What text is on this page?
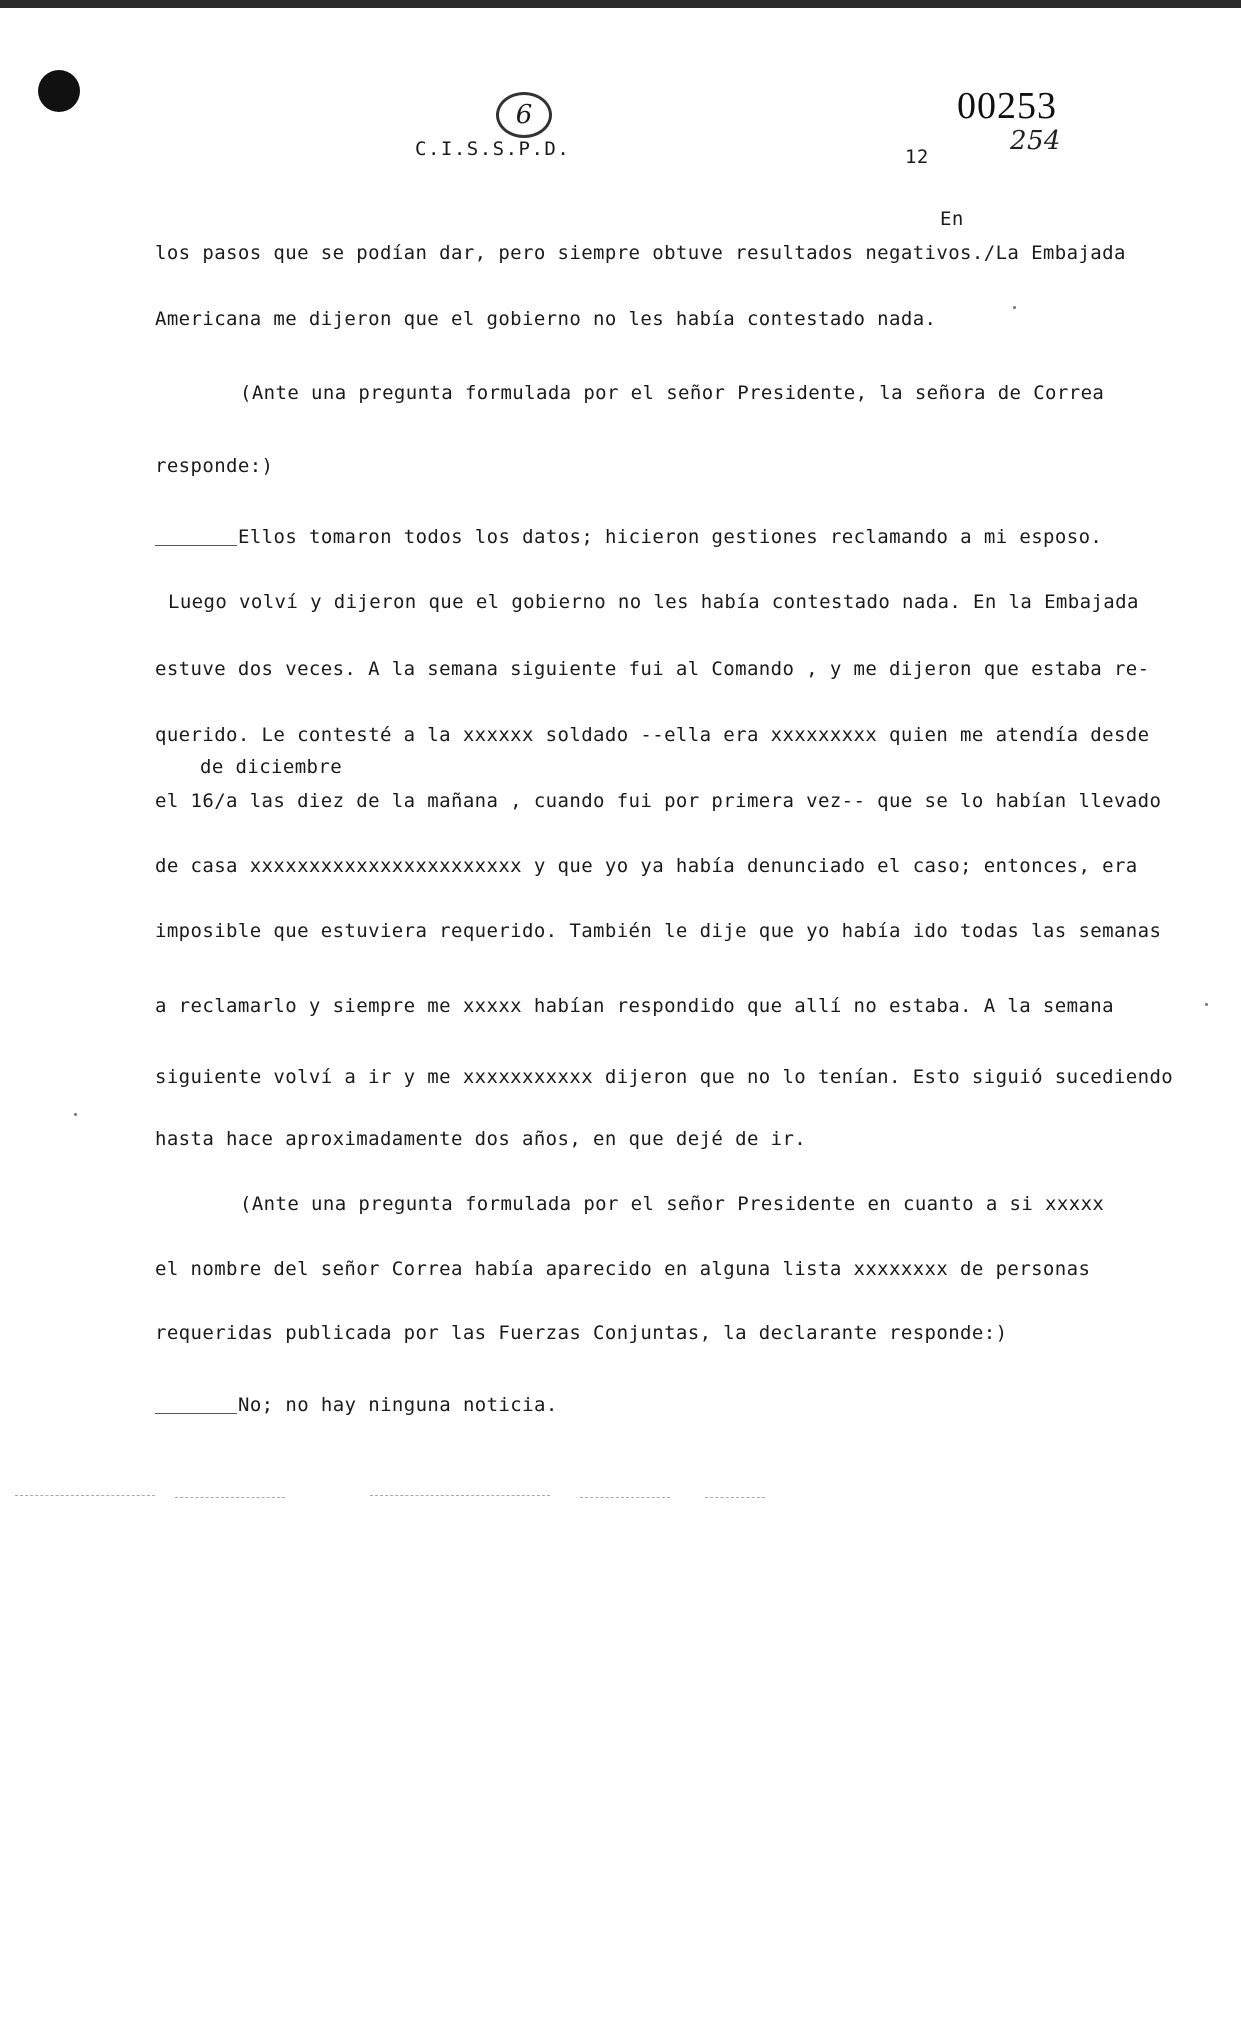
6
C.I.S.S.P.D.	12
00253
254
En
los pasos que se podían dar, pero siempre obtuve resultados negativos./La Embajada
Americana me dijeron que el gobierno no les había contestado nada.
(Ante una pregunta formulada por el señor Presidente, la señora de Correa
responde:)
Ellos tomaron todos los datos; hicieron gestiones reclamando a mi esposo.
Luego volví y dijeron que el gobierno no les había contestado nada. En la Embajada
estuve dos veces. A la semana siguiente fui al Comando , y me dijeron que estaba re-
querido. Le contesté a la xxxxxx soldado --ella era xxxxxxxxx quien me atendía desde
de diciembre
el 16/a las diez de la mañana , cuando fui por primera vez-- que se lo habían llevado
de casa xxxxxxxxxxxxxxxxxxxxxxx y que yo ya había denunciado el caso; entonces, era
imposible que estuviera requerido. También le dije que yo había ido todas las semanas
a reclamarlo y siempre me xxxxx habían respondido que allí no estaba. A la semana
siguiente volví a ir y me xxxxxxxxxxx dijeron que no lo tenían. Esto siguió sucediendo
hasta hace aproximadamente dos años, en que dejé de ir.
(Ante una pregunta formulada por el señor Presidente en cuanto a si xxxxx
el nombre del señor Correa había aparecido en alguna lista xxxxxxxx de personas
requeridas publicada por las Fuerzas Conjuntas, la declarante responde:)
No; no hay ninguna noticia.
